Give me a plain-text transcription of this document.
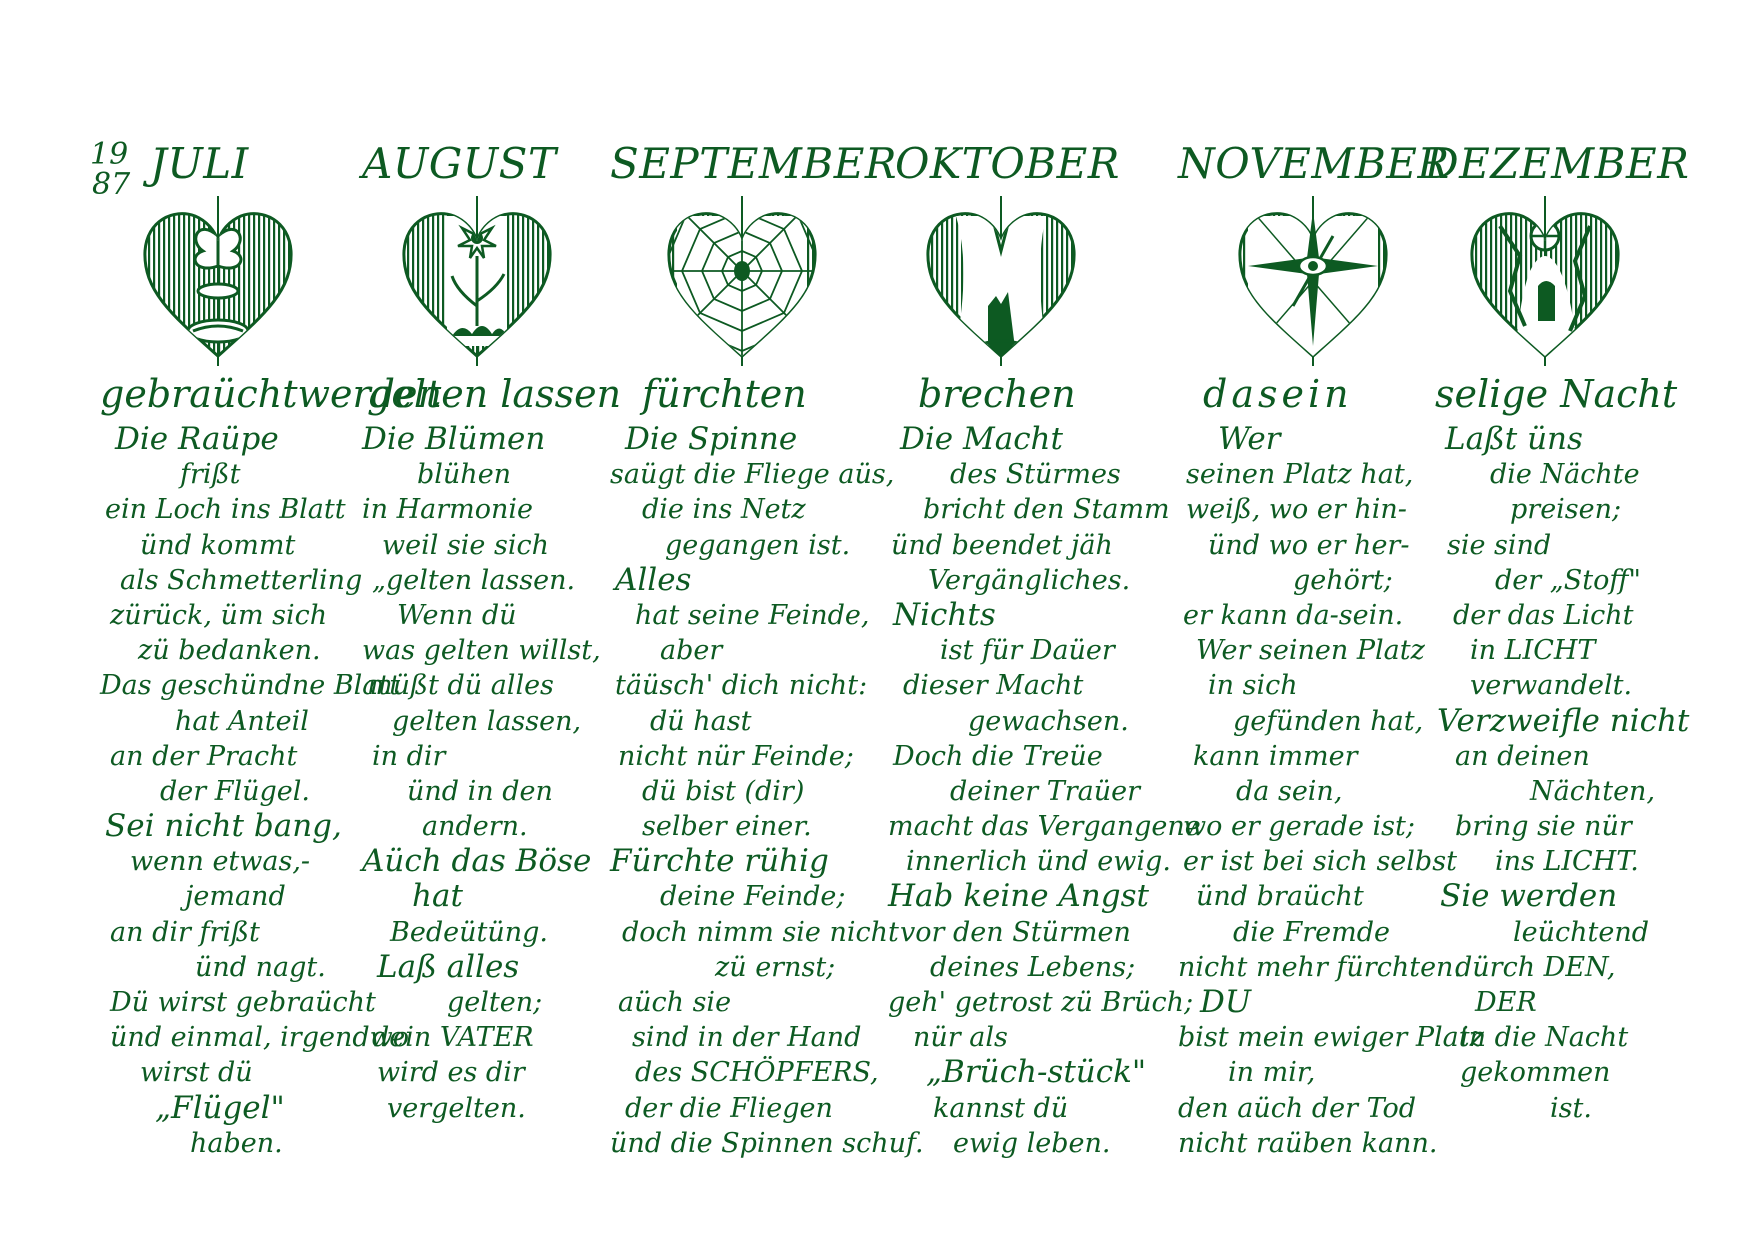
19
87 JULI
gebraüchtwerden
Die Raüpe
frißt
ein Loch ins Blatt
ünd kommt
als Schmetterling
zürück, üm sich
zü bedanken.
Das geschündne Blatt
hat Anteil
an der Pracht
der Flügel.
Sei nicht bang,
wenn etwas,-
jemand
an dir frißt
ünd nagt.
Dü wirst gebraücht
ünd einmal, irgendwo
wirst dü
„Flügel"
haben.
AUGUST
gelten lassen
Die Blümen
blühen
in Harmonie
weil sie sich
„gelten lassen.
Wenn dü
was gelten willst,
müßt dü alles
gelten lassen,
in dir
ünd in den
andern.
Aüch das Böse
hat
Bedeütüng.
Laß alles
gelten;
dein VATER
wird es dir
vergelten.
SEPTEMBER
fürchten
Die Spinne
saügt die Fliege aüs,
die ins Netz
gegangen ist.
Alles
hat seine Feinde,
aber
täüsch' dich nicht:
dü hast
nicht nür Feinde;
dü bist (dir)
selber einer.
Fürchte rühig
deine Feinde;
doch nimm sie nicht
zü ernst;
aüch sie
sind in der Hand
des SCHÖPFERS,
der die Fliegen
ünd die Spinnen schuf.
OKTOBER
brechen
Die Macht
des Stürmes
bricht den Stamm
ünd beendet jäh
Vergängliches.
Nichts
ist für Daüer
dieser Macht
gewachsen.
Doch die Treüe
deiner Traüer
macht das Vergangene
innerlich ünd ewig.
Hab keine Angst
vor den Stürmen
deines Lebens;
geh' getrost zü Brüch;
nür als
„Brüch-stück"
kannst dü
ewig leben.
NOVEMBER
dasein
Wer
seinen Platz hat,
weiß, wo er hin-
ünd wo er her-
gehört;
er kann da-sein.
Wer seinen Platz
in sich
gefünden hat,
kann immer
da sein,
wo er gerade ist;
er ist bei sich selbst
ünd braücht
die Fremde
nicht mehr fürchten.
DU
bist mein ewiger Platz
in mir,
den aüch der Tod
nicht raüben kann.
DEZEMBER
selige Nacht
Laßt üns
die Nächte
preisen;
sie sind
der „Stoff"
der das Licht
in LICHT
verwandelt.
Verzweifle nicht
an deinen
Nächten,
bring sie nür
ins LICHT.
Sie werden
leüchtend
dürch DEN,
DER
in die Nacht
gekommen
ist.
